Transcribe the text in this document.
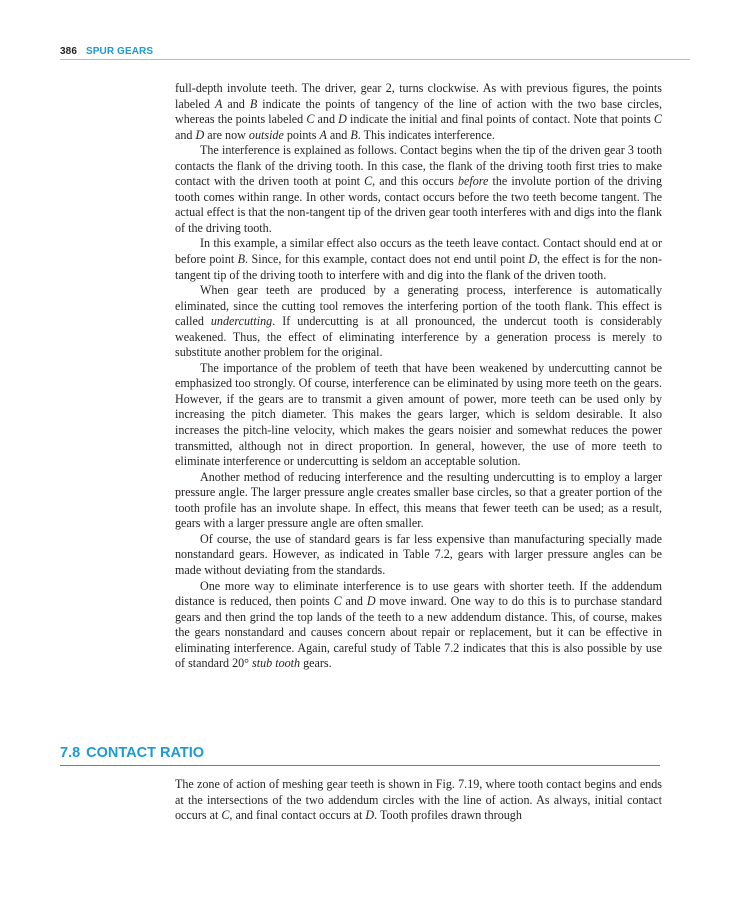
386 SPUR GEARS

full-depth involute teeth. The driver, gear 2, turns clockwise. As with previous figures, the points labeled A and B indicate the points of tangency of the line of action with the two base circles, whereas the points labeled C and D indicate the initial and final points of contact. Note that points C and D are now outside points A and B. This indicates interference.

The interference is explained as follows. Contact begins when the tip of the driven gear 3 tooth contacts the flank of the driving tooth. In this case, the flank of the driving tooth first tries to make contact with the driven tooth at point C, and this occurs before the involute portion of the driving tooth comes within range. In other words, contact occurs before the two teeth become tangent. The actual effect is that the non-tangent tip of the driven gear tooth interferes with and digs into the flank of the driving tooth.

In this example, a similar effect also occurs as the teeth leave contact. Contact should end at or before point B. Since, for this example, contact does not end until point D, the effect is for the non-tangent tip of the driving tooth to interfere with and dig into the flank of the driven tooth.

When gear teeth are produced by a generating process, interference is automatically eliminated, since the cutting tool removes the interfering portion of the tooth flank. This effect is called undercutting. If undercutting is at all pronounced, the undercut tooth is considerably weakened. Thus, the effect of eliminating interference by a generation process is merely to substitute another problem for the original.

The importance of the problem of teeth that have been weakened by undercutting cannot be emphasized too strongly. Of course, interference can be eliminated by using more teeth on the gears. However, if the gears are to transmit a given amount of power, more teeth can be used only by increasing the pitch diameter. This makes the gears larger, which is seldom desirable. It also increases the pitch-line velocity, which makes the gears noisier and somewhat reduces the power transmitted, although not in direct proportion. In general, however, the use of more teeth to eliminate interference or undercutting is seldom an acceptable solution.

Another method of reducing interference and the resulting undercutting is to employ a larger pressure angle. The larger pressure angle creates smaller base circles, so that a greater portion of the tooth profile has an involute shape. In effect, this means that fewer teeth can be used; as a result, gears with a larger pressure angle are often smaller.

Of course, the use of standard gears is far less expensive than manufacturing specially made nonstandard gears. However, as indicated in Table 7.2, gears with larger pressure angles can be made without deviating from the standards.

One more way to eliminate interference is to use gears with shorter teeth. If the addendum distance is reduced, then points C and D move inward. One way to do this is to purchase standard gears and then grind the top lands of the teeth to a new addendum distance. This, of course, makes the gears nonstandard and causes concern about repair or replacement, but it can be effective in eliminating interference. Again, careful study of Table 7.2 indicates that this is also possible by use of standard 20° stub tooth gears.

7.8 CONTACT RATIO

The zone of action of meshing gear teeth is shown in Fig. 7.19, where tooth contact begins and ends at the intersections of the two addendum circles with the line of action. As always, initial contact occurs at C, and final contact occurs at D. Tooth profiles drawn through
